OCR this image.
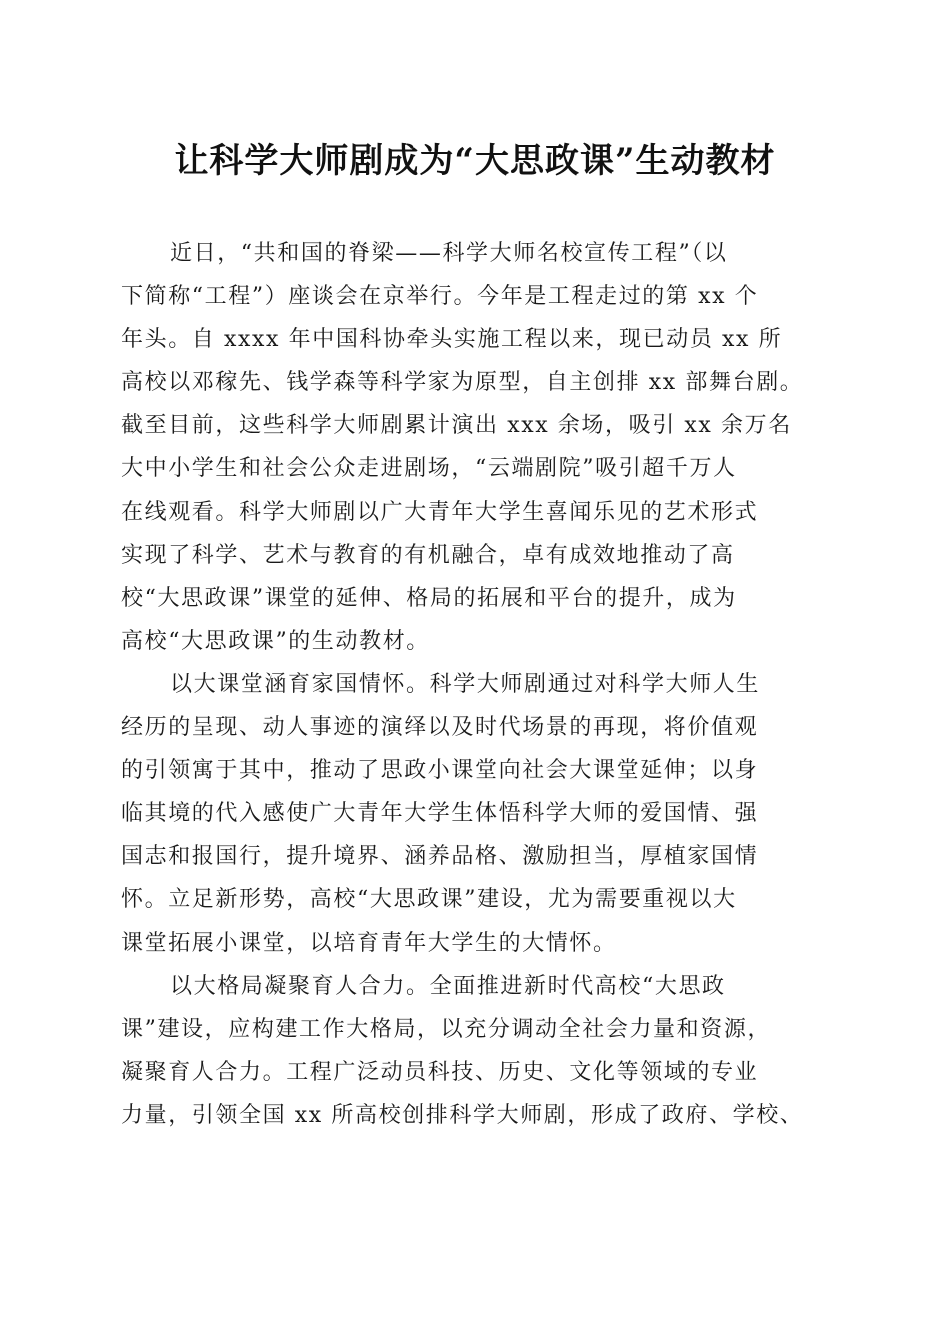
让科学大师剧成为“大思政课”生动教材
近日，“共和国的脊梁——科学大师名校宣传工程”（以
下简称“工程”）座谈会在京举行。今年是工程走过的第 xx 个
年头。自 xxxx 年中国科协牵头实施工程以来，现已动员 xx 所
高校以邓稼先、钱学森等科学家为原型，自主创排 xx 部舞台剧。
截至目前，这些科学大师剧累计演出 xxx 余场，吸引 xx 余万名
大中小学生和社会公众走进剧场，“云端剧院”吸引超千万人
在线观看。科学大师剧以广大青年大学生喜闻乐见的艺术形式
实现了科学、艺术与教育的有机融合，卓有成效地推动了高
校“大思政课”课堂的延伸、格局的拓展和平台的提升，成为
高校“大思政课”的生动教材。
以大课堂涵育家国情怀。科学大师剧通过对科学大师人生
经历的呈现、动人事迹的演绎以及时代场景的再现，将价值观
的引领寓于其中，推动了思政小课堂向社会大课堂延伸；以身
临其境的代入感使广大青年大学生体悟科学大师的爱国情、强
国志和报国行，提升境界、涵养品格、激励担当，厚植家国情
怀。立足新形势，高校“大思政课”建设，尤为需要重视以大
课堂拓展小课堂，以培育青年大学生的大情怀。
以大格局凝聚育人合力。全面推进新时代高校“大思政
课”建设，应构建工作大格局，以充分调动全社会力量和资源，
凝聚育人合力。工程广泛动员科技、历史、文化等领域的专业
力量，引领全国 xx 所高校创排科学大师剧，形成了政府、学校、
